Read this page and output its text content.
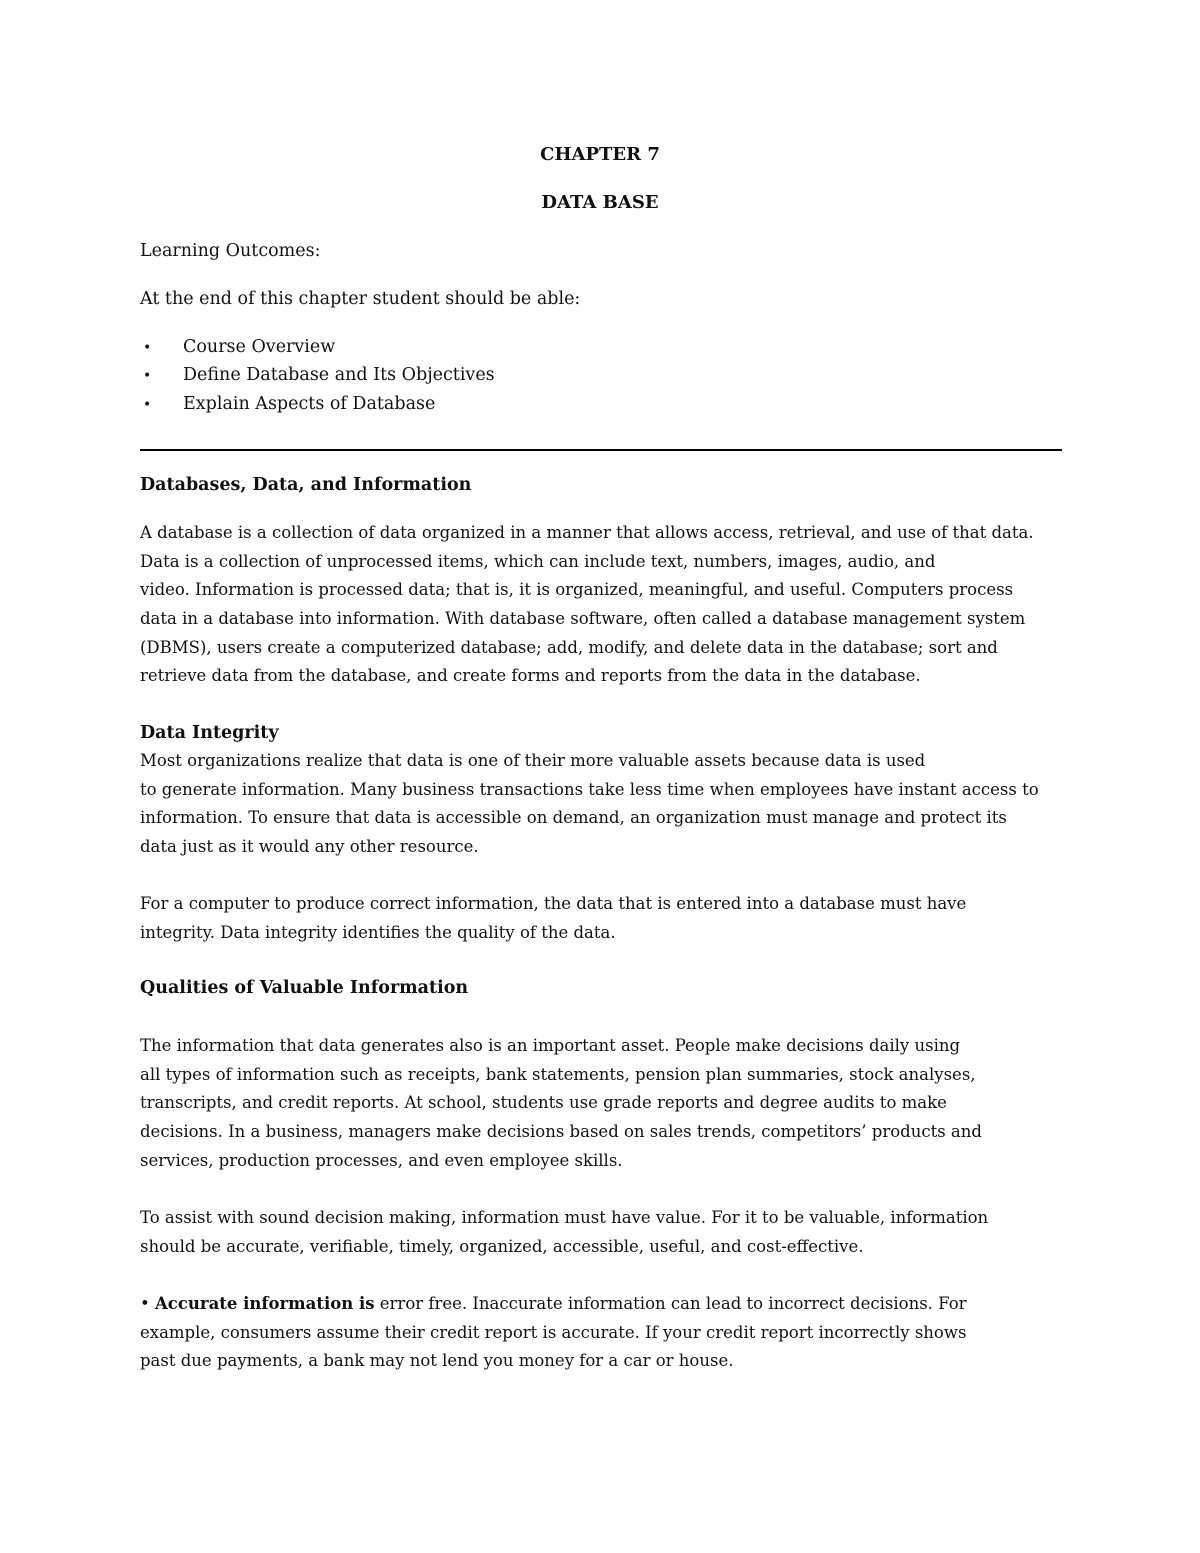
CHAPTER 7
DATA BASE
Learning Outcomes:
At the end of this chapter student should be able:
• Course Overview
• Define Database and Its Objectives
• Explain Aspects of Database
Databases, Data, and Information
A database is a collection of data organized in a manner that allows access, retrieval, and use of that data.
Data is a collection of unprocessed items, which can include text, numbers, images, audio, and
video. Information is processed data; that is, it is organized, meaningful, and useful. Computers process
data in a database into information. With database software, often called a database management system
(DBMS), users create a computerized database; add, modify, and delete data in the database; sort and
retrieve data from the database, and create forms and reports from the data in the database.
Data Integrity
Most organizations realize that data is one of their more valuable assets because data is used
to generate information. Many business transactions take less time when employees have instant access to
information. To ensure that data is accessible on demand, an organization must manage and protect its
data just as it would any other resource.
For a computer to produce correct information, the data that is entered into a database must have
integrity. Data integrity identifies the quality of the data.
Qualities of Valuable Information
The information that data generates also is an important asset. People make decisions daily using
all types of information such as receipts, bank statements, pension plan summaries, stock analyses,
transcripts, and credit reports. At school, students use grade reports and degree audits to make
decisions. In a business, managers make decisions based on sales trends, competitors’ products and
services, production processes, and even employee skills.
To assist with sound decision making, information must have value. For it to be valuable, information
should be accurate, verifiable, timely, organized, accessible, useful, and cost-effective.
• Accurate information is error free. Inaccurate information can lead to incorrect decisions. For
example, consumers assume their credit report is accurate. If your credit report incorrectly shows
past due payments, a bank may not lend you money for a car or house.
